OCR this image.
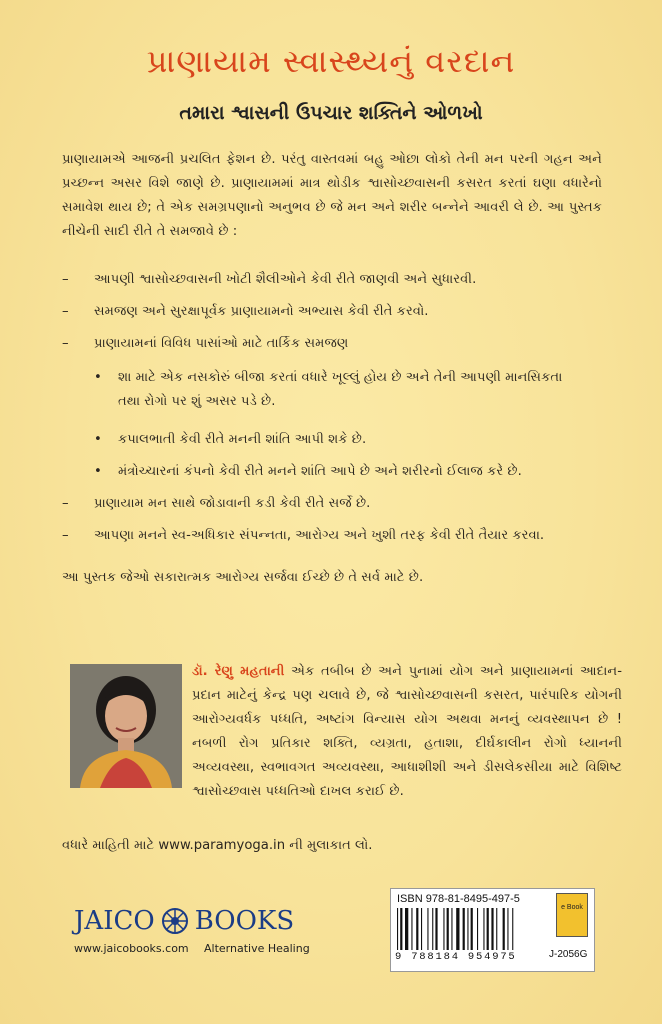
પ્રાણાયામ સ્વાસ્થ્યનું વરદાન
તમારા શ્વાસની ઉપચાર શક્તિને ઓળખો

પ્રાણાયામએ આજની પ્રચલિત ફેશન છે. પરંતુ વાસ્તવમાં બહુ ઓછા લોકો તેની મન પરની ગહન અને પ્રચ્છન્ન અસર વિશે જાણે છે. પ્રાણાયામમાં માત્ર થોડીક શ્વાસોચ્છવાસની કસરત કરતાં ઘણા વધારેનો સમાવેશ થાય છે; તે એક સમગ્રપણાનો અનુભવ છે જે મન અને શરીર બન્નેને આવરી લે છે. આ પુસ્તક નીચેની સાદી રીતે તે સમજાવે છે :

– આપણી શ્વાસોચ્છવાસની ખોટી શૈલીઓને કેવી રીતે જાણવી અને સુધારવી.
– સમજણ અને સુરક્ષાપૂર્વક પ્રાણાયામનો અભ્યાસ કેવી રીતે કરવો.
– પ્રાણાયામનાં વિવિધ પાસાંઓ માટે તાર્કિક સમજણ
• શા માટે એક નસકોરું બીજા કરતાં વધારે ખૂલ્લું હોય છે અને તેની આપણી માનસિકતા તથા રોગો પર શું અસર પડે છે.
• કપાલભાતી કેવી રીતે મનની શાંતિ આપી શકે છે.
• મંત્રોચ્ચારનાં કંપનો કેવી રીતે મનને શાંતિ આપે છે અને શરીરનો ઈલાજ કરે છે.
– પ્રાણાયામ મન સાથે જોડાવાની કડી કેવી રીતે સર્જે છે.
– આપણા મનને સ્વ-અધિકાર સંપન્નતા, આરોગ્ય અને ખુશી તરફ કેવી રીતે તૈયાર કરવા.
આ પુસ્તક જેઓ સકારાત્મક આરોગ્ય સર્જવા ઈચ્છે છે તે સર્વ માટે છે.

ડૉ. રેણુ મહતાની એક તબીબ છે અને પુનામાં યોગ અને પ્રાણાયામનાં આદાન-પ્રદાન માટેનું કેન્દ્ર પણ ચલાવે છે, જે શ્વાસોચ્છવાસની કસરત, પારંપારિક યોગની આરોગ્યવર્ધક પધ્ધતિ, અષ્ટાંગ વિન્યાસ યોગ અથવા મનનું વ્યવસ્થાપન છે ! નબળી રોગ પ્રતિકાર શક્તિ, વ્યગ્રતા, હતાશા, દીર્ઘકાલીન રોગો ધ્યાનની અવ્યવસ્થા, સ્વભાવગત અવ્યવસ્થા, આધાશીશી અને ડીસલેકસીયા માટે વિશિષ્ટ શ્વાસોચ્છવાસ પધ્ધતિઓ દાખલ કરાઈ છે.

વધારે માહિતી માટે www.paramyoga.in ની મુલાકાત લો.
JAICO BOOKS
www.jaicobooks.com Alternative Healing
ISBN 978-81-8495-497-5
9 788184 954975
e Book
J-2056G
